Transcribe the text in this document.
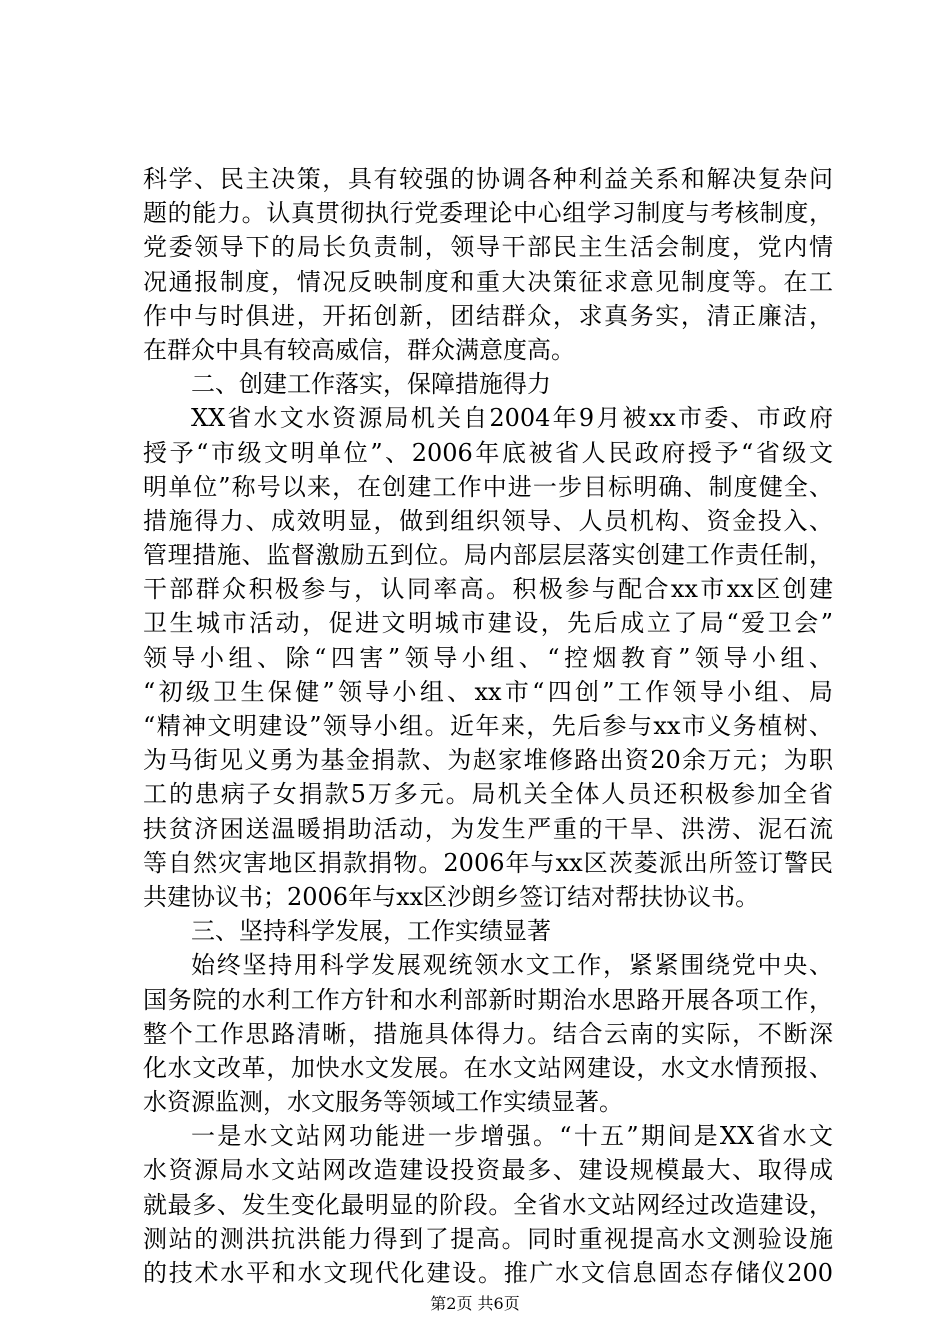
科学、民主决策，具有较强的协调各种利益关系和解决复杂问
题的能力。认真贯彻执行党委理论中心组学习制度与考核制度，
党委领导下的局长负责制，领导干部民主生活会制度，党内情
况通报制度，情况反映制度和重大决策征求意见制度等。在工
作中与时俱进，开拓创新，团结群众，求真务实，清正廉洁，
在群众中具有较高威信，群众满意度高。
二、创建工作落实，保障措施得力
XX省水文水资源局机关自2004年9月被xx市委、市政府
授予“市级文明单位”、2006年底被省人民政府授予“省级文
明单位”称号以来，在创建工作中进一步目标明确、制度健全、
措施得力、成效明显，做到组织领导、人员机构、资金投入、
管理措施、监督激励五到位。局内部层层落实创建工作责任制，
干部群众积极参与，认同率高。积极参与配合xx市xx区创建
卫生城市活动，促进文明城市建设，先后成立了局“爱卫会”
领导小组、除“四害”领导小组、“控烟教育”领导小组、
“初级卫生保健”领导小组、xx市“四创”工作领导小组、局
“精神文明建设”领导小组。近年来，先后参与xx市义务植树、
为马街见义勇为基金捐款、为赵家堆修路出资20余万元；为职
工的患病子女捐款5万多元。局机关全体人员还积极参加全省
扶贫济困送温暖捐助活动，为发生严重的干旱、洪涝、泥石流
等自然灾害地区捐款捐物。2006年与xx区茨菱派出所签订警民
共建协议书；2006年与xx区沙朗乡签订结对帮扶协议书。
三、坚持科学发展，工作实绩显著
始终坚持用科学发展观统领水文工作，紧紧围绕党中央、
国务院的水利工作方针和水利部新时期治水思路开展各项工作，
整个工作思路清晰，措施具体得力。结合云南的实际，不断深
化水文改革，加快水文发展。在水文站网建设，水文水情预报、
水资源监测，水文服务等领域工作实绩显著。
一是水文站网功能进一步增强。“十五”期间是XX省水文
水资源局水文站网改造建设投资最多、建设规模最大、取得成
就最多、发生变化最明显的阶段。全省水文站网经过改造建设，
测站的测洪抗洪能力得到了提高。同时重视提高水文测验设施
的技术水平和水文现代化建设。推广水文信息固态存储仪200
第2页 共6页
